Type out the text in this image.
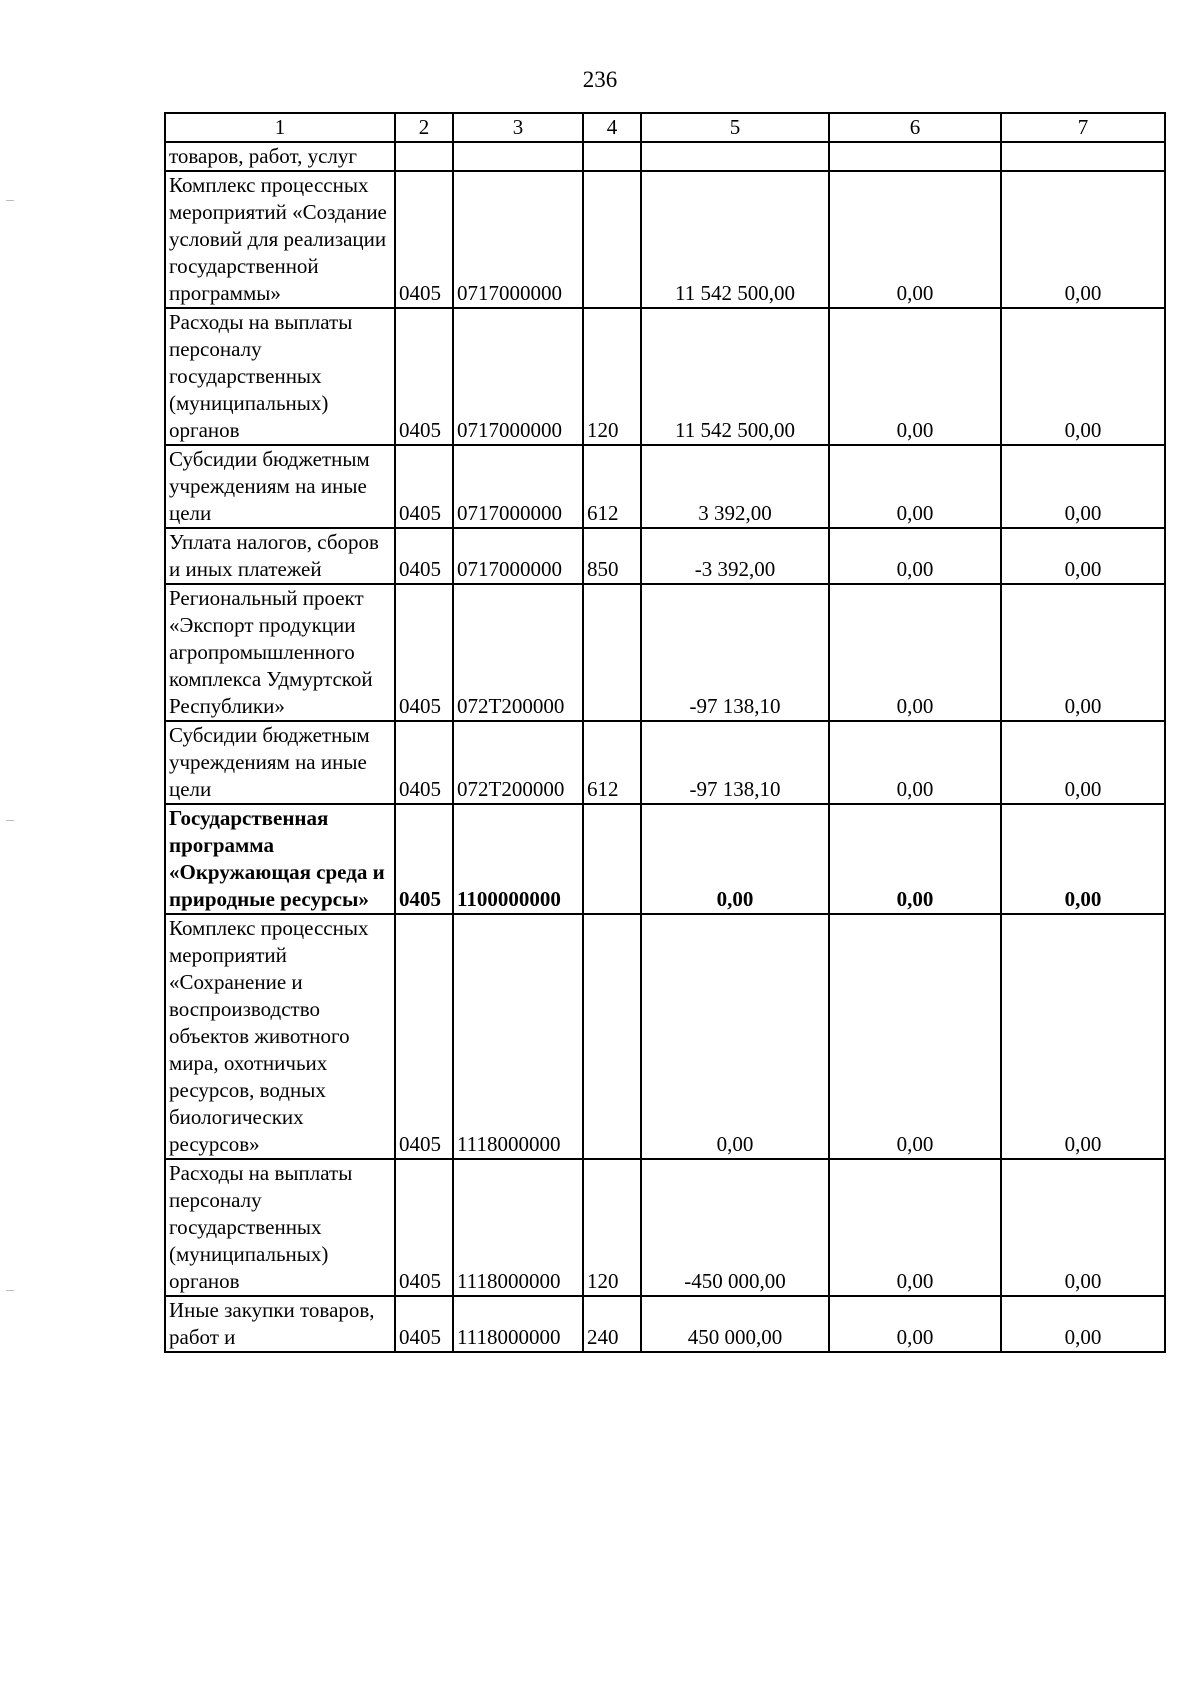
236
1	2	3	4	5	6	7
товаров, работ, услуг						
Комплекс процессных мероприятий «Создание условий для реализации государственной программы»	0405	0717000000		11 542 500,00	0,00	0,00
Расходы на выплаты персоналу государственных (муниципальных) органов	0405	0717000000	120	11 542 500,00	0,00	0,00
Субсидии бюджетным учреждениям на иные цели	0405	0717000000	612	3 392,00	0,00	0,00
Уплата налогов, сборов и иных платежей	0405	0717000000	850	-3 392,00	0,00	0,00
Региональный проект «Экспорт продукции агропромышленного комплекса Удмуртской Республики»	0405	072T200000		-97 138,10	0,00	0,00
Субсидии бюджетным учреждениям на иные цели	0405	072T200000	612	-97 138,10	0,00	0,00
Государственная программа «Окружающая среда и природные ресурсы»	0405	1100000000		0,00	0,00	0,00
Комплекс процессных мероприятий «Сохранение и воспроизводство объектов животного мира, охотничьих ресурсов, водных биологических ресурсов»	0405	1118000000		0,00	0,00	0,00
Расходы на выплаты персоналу государственных (муниципальных) органов	0405	1118000000	120	-450 000,00	0,00	0,00
Иные закупки товаров, работ и	0405	1118000000	240	450 000,00	0,00	0,00
